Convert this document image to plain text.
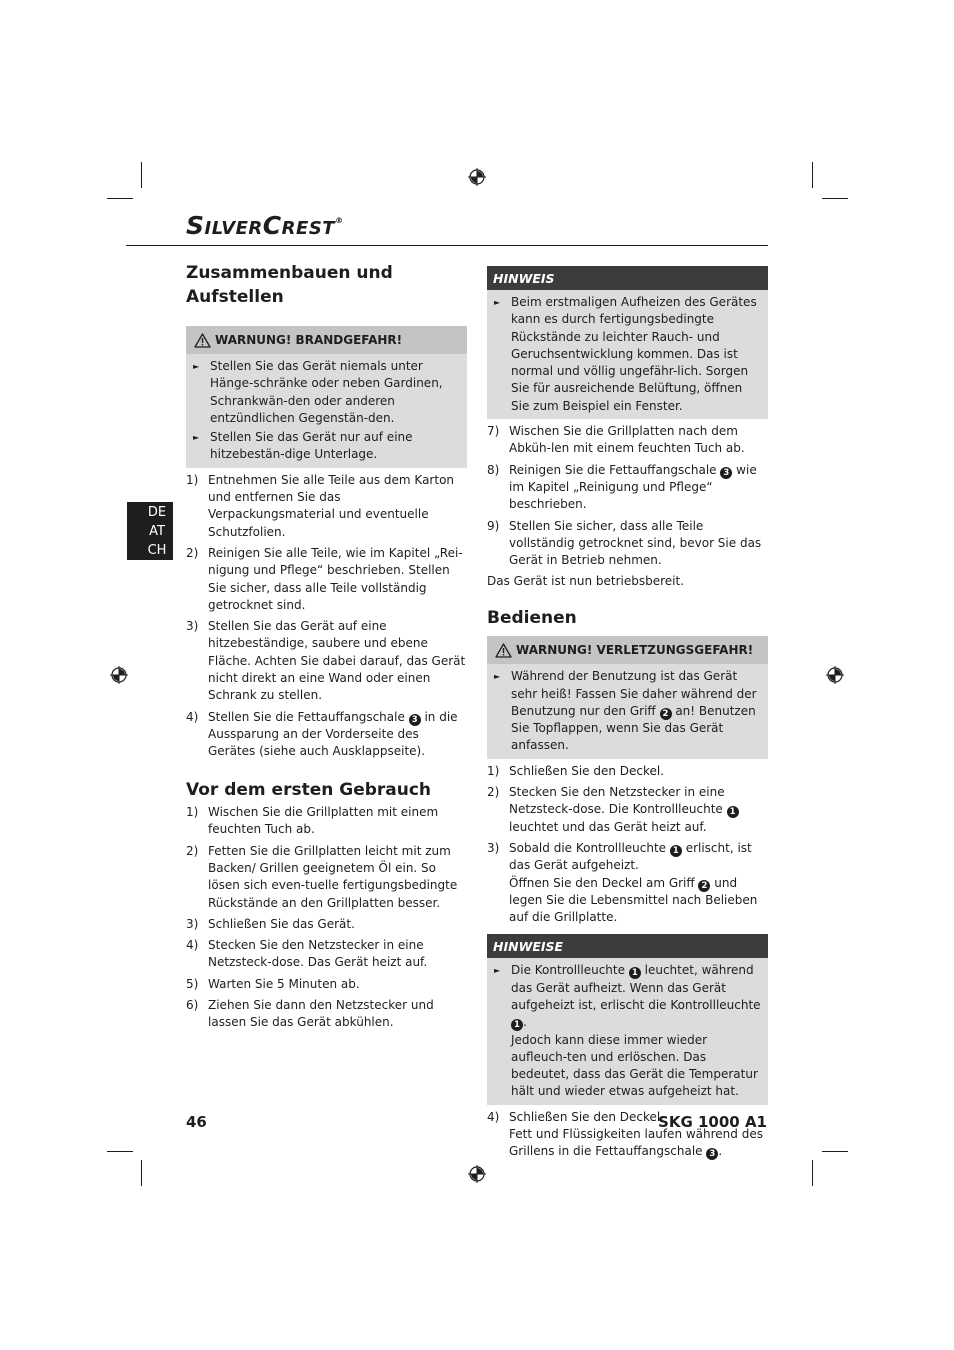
SILVERCREST®
DE
AT
CH
Zusammenbauen und Aufstellen
WARNUNG! BRANDGEFAHR!
► Stellen Sie das Gerät niemals unter Hänge-schränke oder neben Gardinen, Schrankwän-den oder anderen entzündlichen Gegenstän-den.
► Stellen Sie das Gerät nur auf eine hitzebestän-dige Unterlage.
1) Entnehmen Sie alle Teile aus dem Karton und entfernen Sie das Verpackungsmaterial und eventuelle Schutzfolien.
2) Reinigen Sie alle Teile, wie im Kapitel „Rei-nigung und Pflege“ beschrieben. Stellen Sie sicher, dass alle Teile vollständig getrocknet sind.
3) Stellen Sie das Gerät auf eine hitzebeständige, saubere und ebene Fläche. Achten Sie dabei darauf, das Gerät nicht direkt an eine Wand oder einen Schrank zu stellen.
4) Stellen Sie die Fettauffangschale 3 in die Aussparung an der Vorderseite des Gerätes (siehe auch Ausklappseite).
Vor dem ersten Gebrauch
1) Wischen Sie die Grillplatten mit einem feuchten Tuch ab.
2) Fetten Sie die Grillplatten leicht mit zum Backen/ Grillen geeignetem Öl ein. So lösen sich even-tuelle fertigungsbedingte Rückstände an den Grillplatten besser.
3) Schließen Sie das Gerät.
4) Stecken Sie den Netzstecker in eine Netzsteck-dose. Das Gerät heizt auf.
5) Warten Sie 5 Minuten ab.
6) Ziehen Sie dann den Netzstecker und lassen Sie das Gerät abkühlen.
HINWEIS
► Beim erstmaligen Aufheizen des Gerätes kann es durch fertigungsbedingte Rückstände zu leichter Rauch- und Geruchsentwicklung kommen. Das ist normal und völlig ungefähr-lich. Sorgen Sie für ausreichende Belüftung, öffnen Sie zum Beispiel ein Fenster.
7) Wischen Sie die Grillplatten nach dem Abküh-len mit einem feuchten Tuch ab.
8) Reinigen Sie die Fettauffangschale 3 wie im Kapitel „Reinigung und Pflege“ beschrieben.
9) Stellen Sie sicher, dass alle Teile vollständig getrocknet sind, bevor Sie das Gerät in Betrieb nehmen.
Das Gerät ist nun betriebsbereit.
Bedienen
WARNUNG! VERLETZUNGSGEFAHR!
► Während der Benutzung ist das Gerät sehr heiß! Fassen Sie daher während der Benutzung nur den Griff 2 an! Benutzen Sie Topflappen, wenn Sie das Gerät anfassen.
1) Schließen Sie den Deckel.
2) Stecken Sie den Netzstecker in eine Netzsteck-dose. Die Kontrollleuchte 1 leuchtet und das Gerät heizt auf.
3) Sobald die Kontrollleuchte 1 erlischt, ist das Gerät aufgeheizt.
Öffnen Sie den Deckel am Griff 2 und legen Sie die Lebensmittel nach Belieben auf die Grillplatte.
HINWEISE
► Die Kontrollleuchte 1 leuchtet, während das Gerät aufheizt. Wenn das Gerät aufgeheizt ist, erlischt die Kontrollleuchte 1 .
Jedoch kann diese immer wieder aufleuch-ten und erlöschen. Das bedeutet, dass das Gerät die Temperatur hält und wieder etwas aufgeheizt hat.
4) Schließen Sie den Deckel.
Fett und Flüssigkeiten laufen während des Grillens in die Fettauffangschale 3 .
46	SKG 1000 A1
